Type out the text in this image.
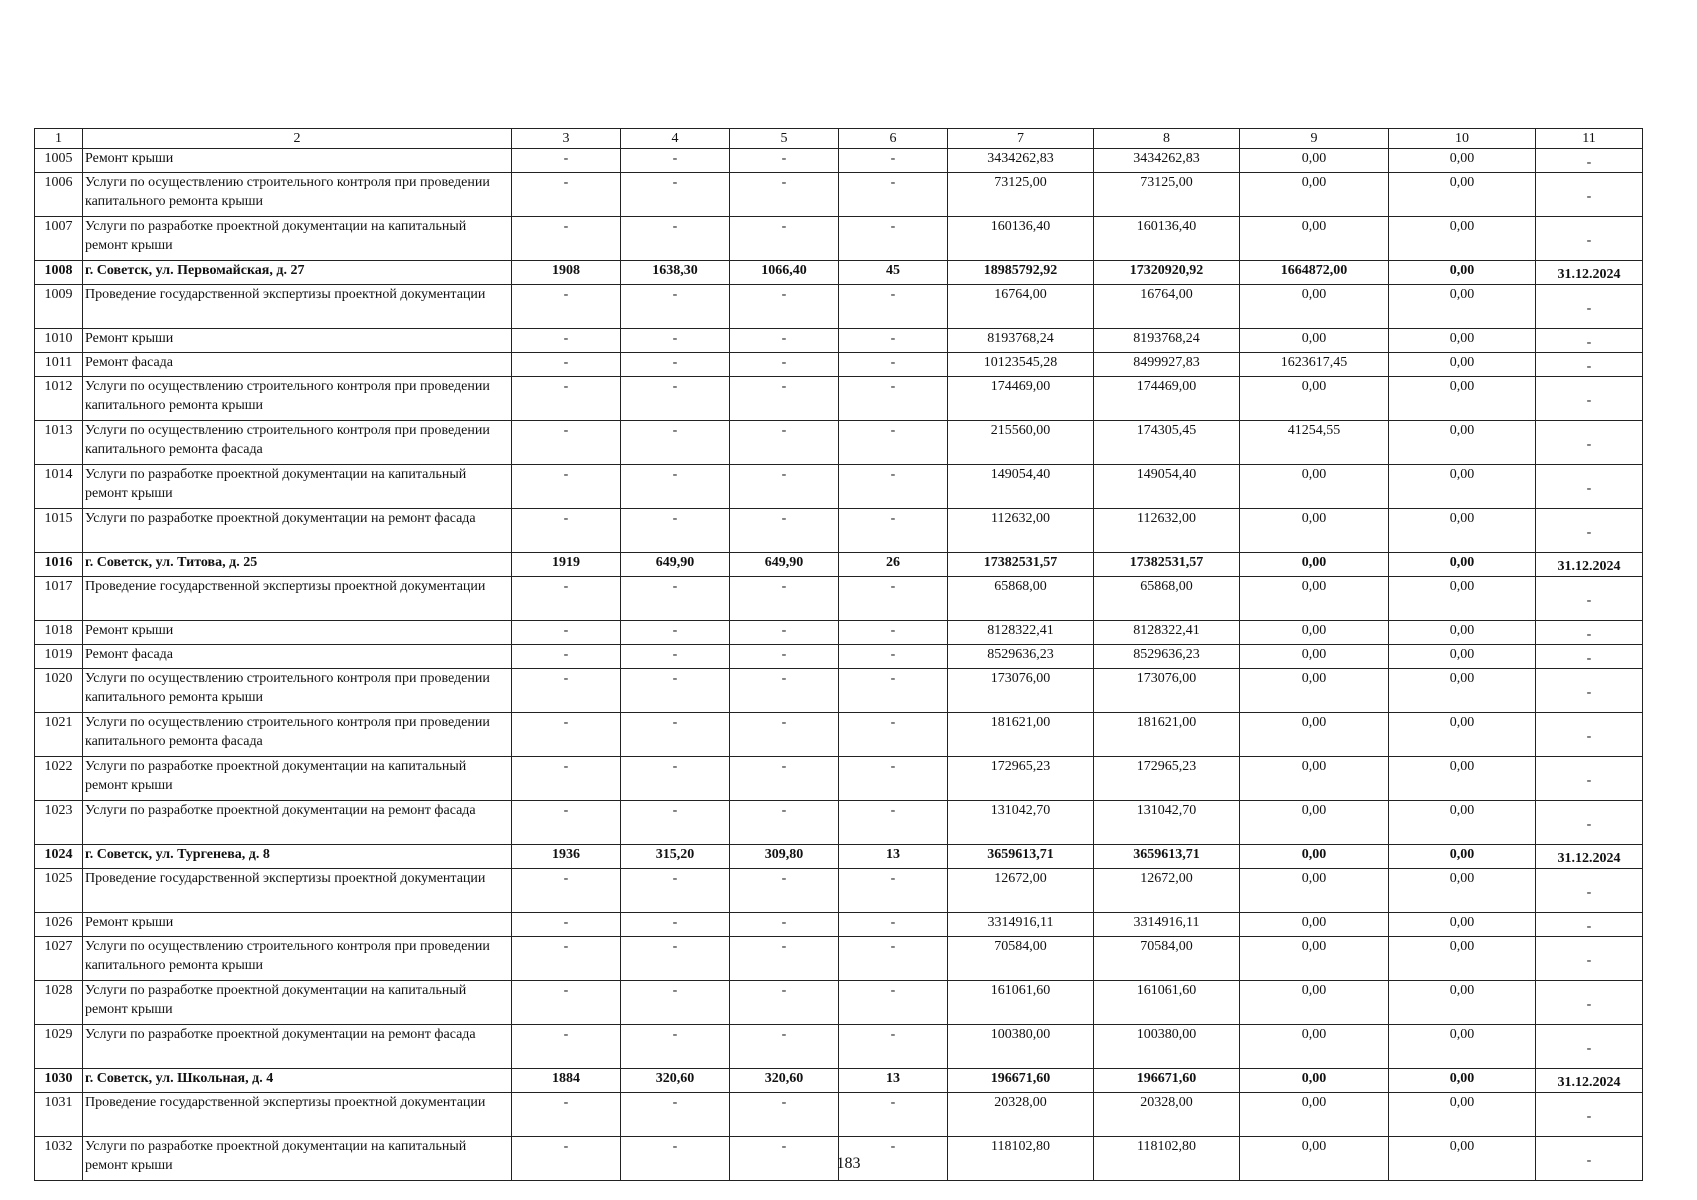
1	2	3	4	5	6	7	8	9	10	11
1005	Ремонт крыши	-	-	-	-	3434262,83	3434262,83	0,00	0,00	-
1006	Услуги по осуществлению строительного контроля при проведении капитального ремонта крыши	-	-	-	-	73125,00	73125,00	0,00	0,00	-
1007	Услуги по разработке проектной документации на капитальный ремонт крыши	-	-	-	-	160136,40	160136,40	0,00	0,00	-
1008	г. Советск, ул. Первомайская, д. 27	1908	1638,30	1066,40	45	18985792,92	17320920,92	1664872,00	0,00	31.12.2024
1009	Проведение государственной экспертизы проектной документации	-	-	-	-	16764,00	16764,00	0,00	0,00	-
1010	Ремонт крыши	-	-	-	-	8193768,24	8193768,24	0,00	0,00	-
1011	Ремонт фасада	-	-	-	-	10123545,28	8499927,83	1623617,45	0,00	-
1012	Услуги по осуществлению строительного контроля при проведении капитального ремонта крыши	-	-	-	-	174469,00	174469,00	0,00	0,00	-
1013	Услуги по осуществлению строительного контроля при проведении капитального ремонта фасада	-	-	-	-	215560,00	174305,45	41254,55	0,00	-
1014	Услуги по разработке проектной документации на капитальный ремонт крыши	-	-	-	-	149054,40	149054,40	0,00	0,00	-
1015	Услуги по разработке проектной документации на ремонт фасада	-	-	-	-	112632,00	112632,00	0,00	0,00	-
1016	г. Советск, ул. Титова, д. 25	1919	649,90	649,90	26	17382531,57	17382531,57	0,00	0,00	31.12.2024
1017	Проведение государственной экспертизы проектной документации	-	-	-	-	65868,00	65868,00	0,00	0,00	-
1018	Ремонт крыши	-	-	-	-	8128322,41	8128322,41	0,00	0,00	-
1019	Ремонт фасада	-	-	-	-	8529636,23	8529636,23	0,00	0,00	-
1020	Услуги по осуществлению строительного контроля при проведении капитального ремонта крыши	-	-	-	-	173076,00	173076,00	0,00	0,00	-
1021	Услуги по осуществлению строительного контроля при проведении капитального ремонта фасада	-	-	-	-	181621,00	181621,00	0,00	0,00	-
1022	Услуги по разработке проектной документации на капитальный ремонт крыши	-	-	-	-	172965,23	172965,23	0,00	0,00	-
1023	Услуги по разработке проектной документации на ремонт фасада	-	-	-	-	131042,70	131042,70	0,00	0,00	-
1024	г. Советск, ул. Тургенева, д. 8	1936	315,20	309,80	13	3659613,71	3659613,71	0,00	0,00	31.12.2024
1025	Проведение государственной экспертизы проектной документации	-	-	-	-	12672,00	12672,00	0,00	0,00	-
1026	Ремонт крыши	-	-	-	-	3314916,11	3314916,11	0,00	0,00	-
1027	Услуги по осуществлению строительного контроля при проведении капитального ремонта крыши	-	-	-	-	70584,00	70584,00	0,00	0,00	-
1028	Услуги по разработке проектной документации на капитальный ремонт крыши	-	-	-	-	161061,60	161061,60	0,00	0,00	-
1029	Услуги по разработке проектной документации на ремонт фасада	-	-	-	-	100380,00	100380,00	0,00	0,00	-
1030	г. Советск, ул. Школьная, д. 4	1884	320,60	320,60	13	196671,60	196671,60	0,00	0,00	31.12.2024
1031	Проведение государственной экспертизы проектной документации	-	-	-	-	20328,00	20328,00	0,00	0,00	-
1032	Услуги по разработке проектной документации на капитальный ремонт крыши	-	-	-	-	118102,80	118102,80	0,00	0,00	-
183
